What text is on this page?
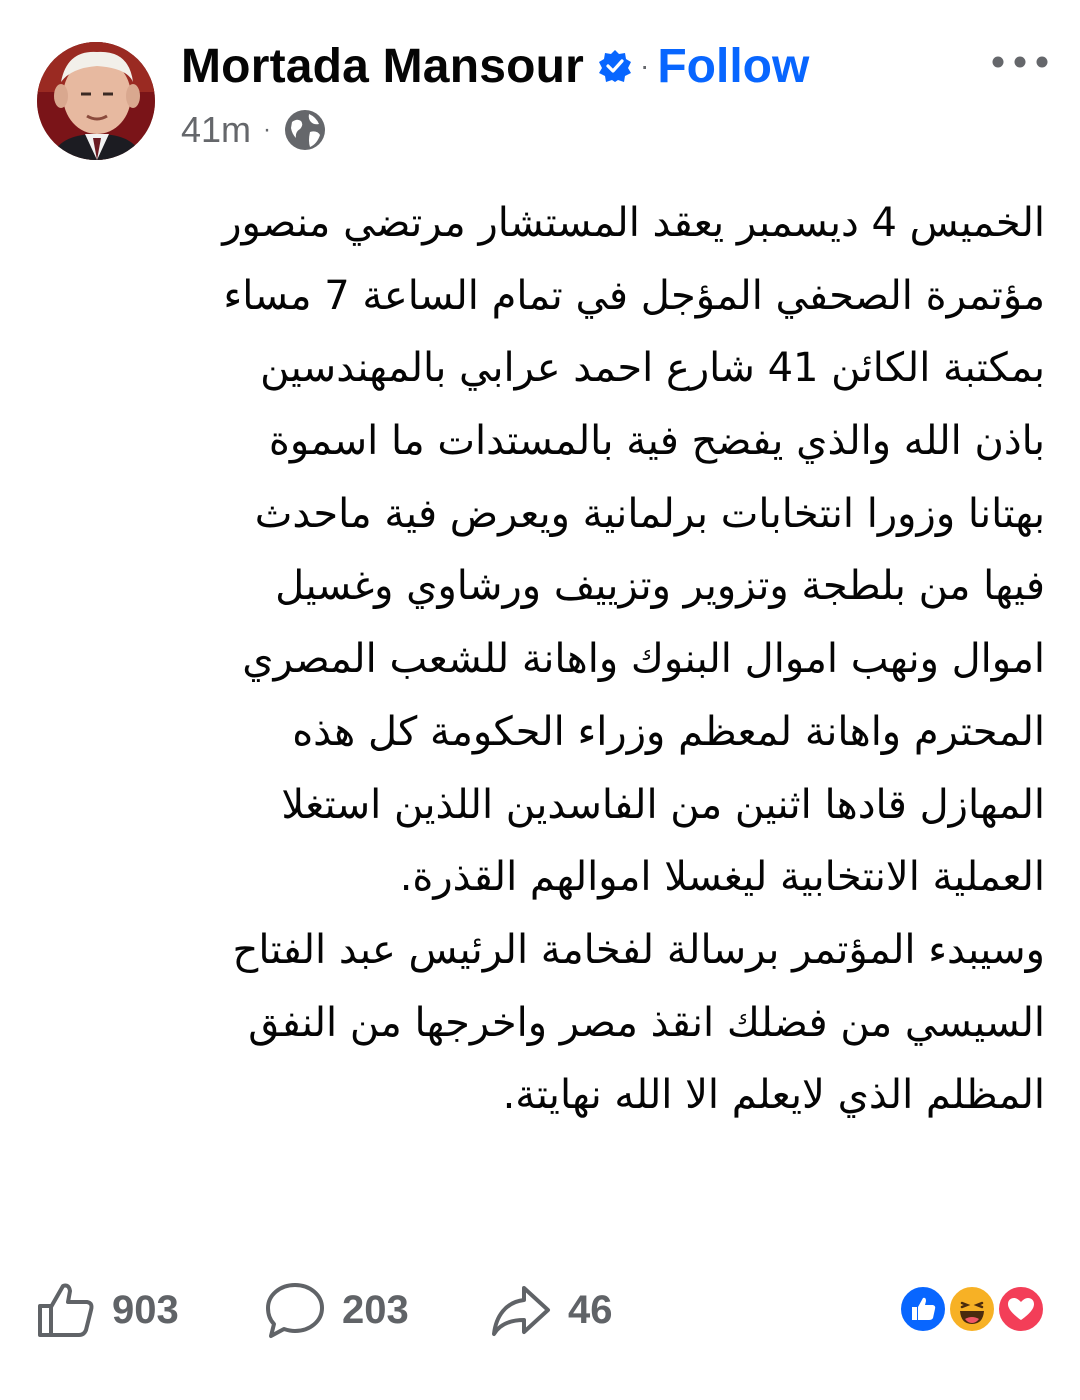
Mortada Mansour · Follow
41m ·
الخميس 4 ديسمبر يعقد المستشار مرتضي منصور
مؤتمرة الصحفي المؤجل في تمام الساعة 7 مساء
بمكتبة الكائن 41 شارع احمد عرابي بالمهندسين
باذن الله والذي يفضح فية بالمستدات ما اسموة
بهتانا وزورا انتخابات برلمانية ويعرض فية ماحدث
فيها من بلطجة وتزوير وتزييف ورشاوي وغسيل
اموال ونهب اموال البنوك واهانة للشعب المصري
المحترم واهانة لمعظم وزراء الحكومة كل هذه
المهازل قادها اثنين من الفاسدين اللذين استغلا
العملية الانتخابية ليغسلا اموالهم القذرة.
وسيبدء المؤتمر برسالة لفخامة الرئيس عبد الفتاح
السيسي من فضلك انقذ مصر واخرجها من النفق
المظلم الذي لايعلم الا الله نهايتة.
903	203	46
